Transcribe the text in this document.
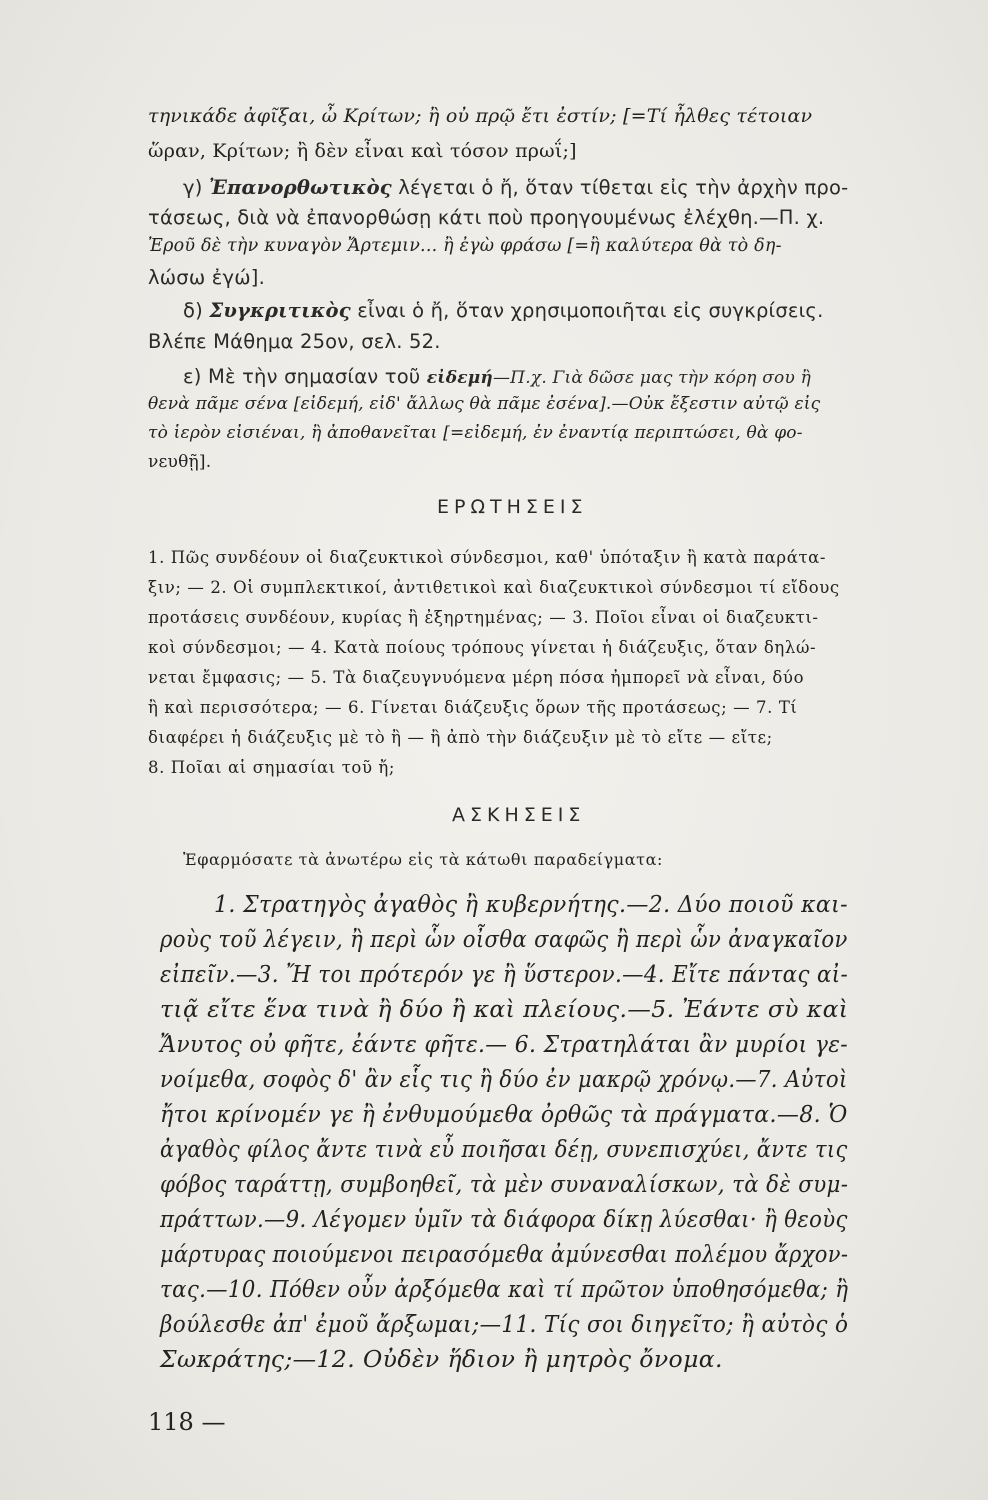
τηνικάδε ἀφῖξαι, ὦ Κρίτων; ἢ οὐ πρῷ ἔτι ἐστίν; [=Τί ἦλθες τέτοιαν
ὥραν, Κρίτων; ἢ δὲν εἶναι καὶ τόσον πρωΐ;]
γ) Ἐπανορθωτικὸς λέγεται ὁ ἤ, ὅταν τίθεται εἰς τὴν ἀρχὴν προ-
τάσεως, διὰ νὰ ἐπανορθώσῃ κάτι ποὺ προηγουμένως ἐλέχθη.—Π. χ.
Ἐροῦ δὲ τὴν κυναγὸν Ἄρτεμιν... ἢ ἐγὼ φράσω [=ἢ καλύτερα θὰ τὸ δη-
λώσω ἐγώ].
δ) Συγκριτικὸς εἶναι ὁ ἤ, ὅταν χρησιμοποιῆται εἰς συγκρίσεις.
Βλέπε Μάθημα 25ον, σελ. 52.
ε) Μὲ τὴν σημασίαν τοῦ εἰδεμή—Π.χ. Γιὰ δῶσε μας τὴν κόρη σου ἢ
θενὰ πᾶμε σένα [εἰδεμή, εἰδ' ἄλλως θὰ πᾶμε ἐσένα].—Οὐκ ἔξεστιν αὐτῷ εἰς
τὸ ἱερὸν εἰσιέναι, ἢ ἀποθανεῖται [=εἰδεμή, ἐν ἐναντίᾳ περιπτώσει, θὰ φο-
νευθῇ].
ΕΡΩΤΗΣΕΙΣ
1. Πῶς συνδέουν οἱ διαζευκτικοὶ σύνδεσμοι, καθ' ὑπόταξιν ἢ κατὰ παράτα-
ξιν; — 2. Οἱ συμπλεκτικοί, ἀντιθετικοὶ καὶ διαζευκτικοὶ σύνδεσμοι τί εἴδους
προτάσεις συνδέουν, κυρίας ἢ ἐξηρτημένας; — 3. Ποῖοι εἶναι οἱ διαζευκτι-
κοὶ σύνδεσμοι; — 4. Κατὰ ποίους τρόπους γίνεται ἡ διάζευξις, ὅταν δηλώ-
νεται ἔμφασις; — 5. Τὰ διαζευγνυόμενα μέρη πόσα ἠμπορεῖ νὰ εἶναι, δύο
ἢ καὶ περισσότερα; — 6. Γίνεται διάζευξις ὅρων τῆς προτάσεως; — 7. Τί
διαφέρει ἡ διάζευξις μὲ τὸ ἢ — ἢ ἀπὸ τὴν διάζευξιν μὲ τὸ εἴτε — εἴτε;
8. Ποῖαι αἱ σημασίαι τοῦ ἤ;
ΑΣΚΗΣΕΙΣ
Ἐφαρμόσατε τὰ ἀνωτέρω εἰς τὰ κάτωθι παραδείγματα:
1. Στρατηγὸς ἀγαθὸς ἢ κυβερνήτης.—2. Δύο ποιοῦ και-
ροὺς τοῦ λέγειν, ἢ περὶ ὧν οἶσθα σαφῶς ἢ περὶ ὧν ἀναγκαῖον
εἰπεῖν.—3. Ἤ τοι πρότερόν γε ἢ ὕστερον.—4. Εἴτε πάντας αἰ-
τιᾷ εἴτε ἕνα τινὰ ἢ δύο ἢ καὶ πλείους.—5. Ἐάντε σὺ καὶ
Ἄνυτος οὐ φῆτε, ἐάντε φῆτε.— 6. Στρατηλάται ἂν μυρίοι γε-
νοίμεθα, σοφὸς δ' ἂν εἷς τις ἢ δύο ἐν μακρῷ χρόνῳ.—7. Αὐτοὶ
ἤτοι κρίνομέν γε ἢ ἐνθυμούμεθα ὀρθῶς τὰ πράγματα.—8. Ὁ
ἀγαθὸς φίλος ἄντε τινὰ εὖ ποιῆσαι δέῃ, συνεπισχύει, ἄντε τις
φόβος ταράττῃ, συμβοηθεῖ, τὰ μὲν συναναλίσκων, τὰ δὲ συμ-
πράττων.—9. Λέγομεν ὑμῖν τὰ διάφορα δίκῃ λύεσθαι· ἢ θεοὺς
μάρτυρας ποιούμενοι πειρασόμεθα ἀμύνεσθαι πολέμου ἄρχον-
τας.—10. Πόθεν οὖν ἀρξόμεθα καὶ τί πρῶτον ὑποθησόμεθα; ἢ
βούλεσθε ἀπ' ἐμοῦ ἄρξωμαι;—11. Τίς σοι διηγεῖτο; ἢ αὐτὸς ὁ
Σωκράτης;—12. Οὐδὲν ἥδιον ἢ μητρὸς ὄνομα.
118 —
